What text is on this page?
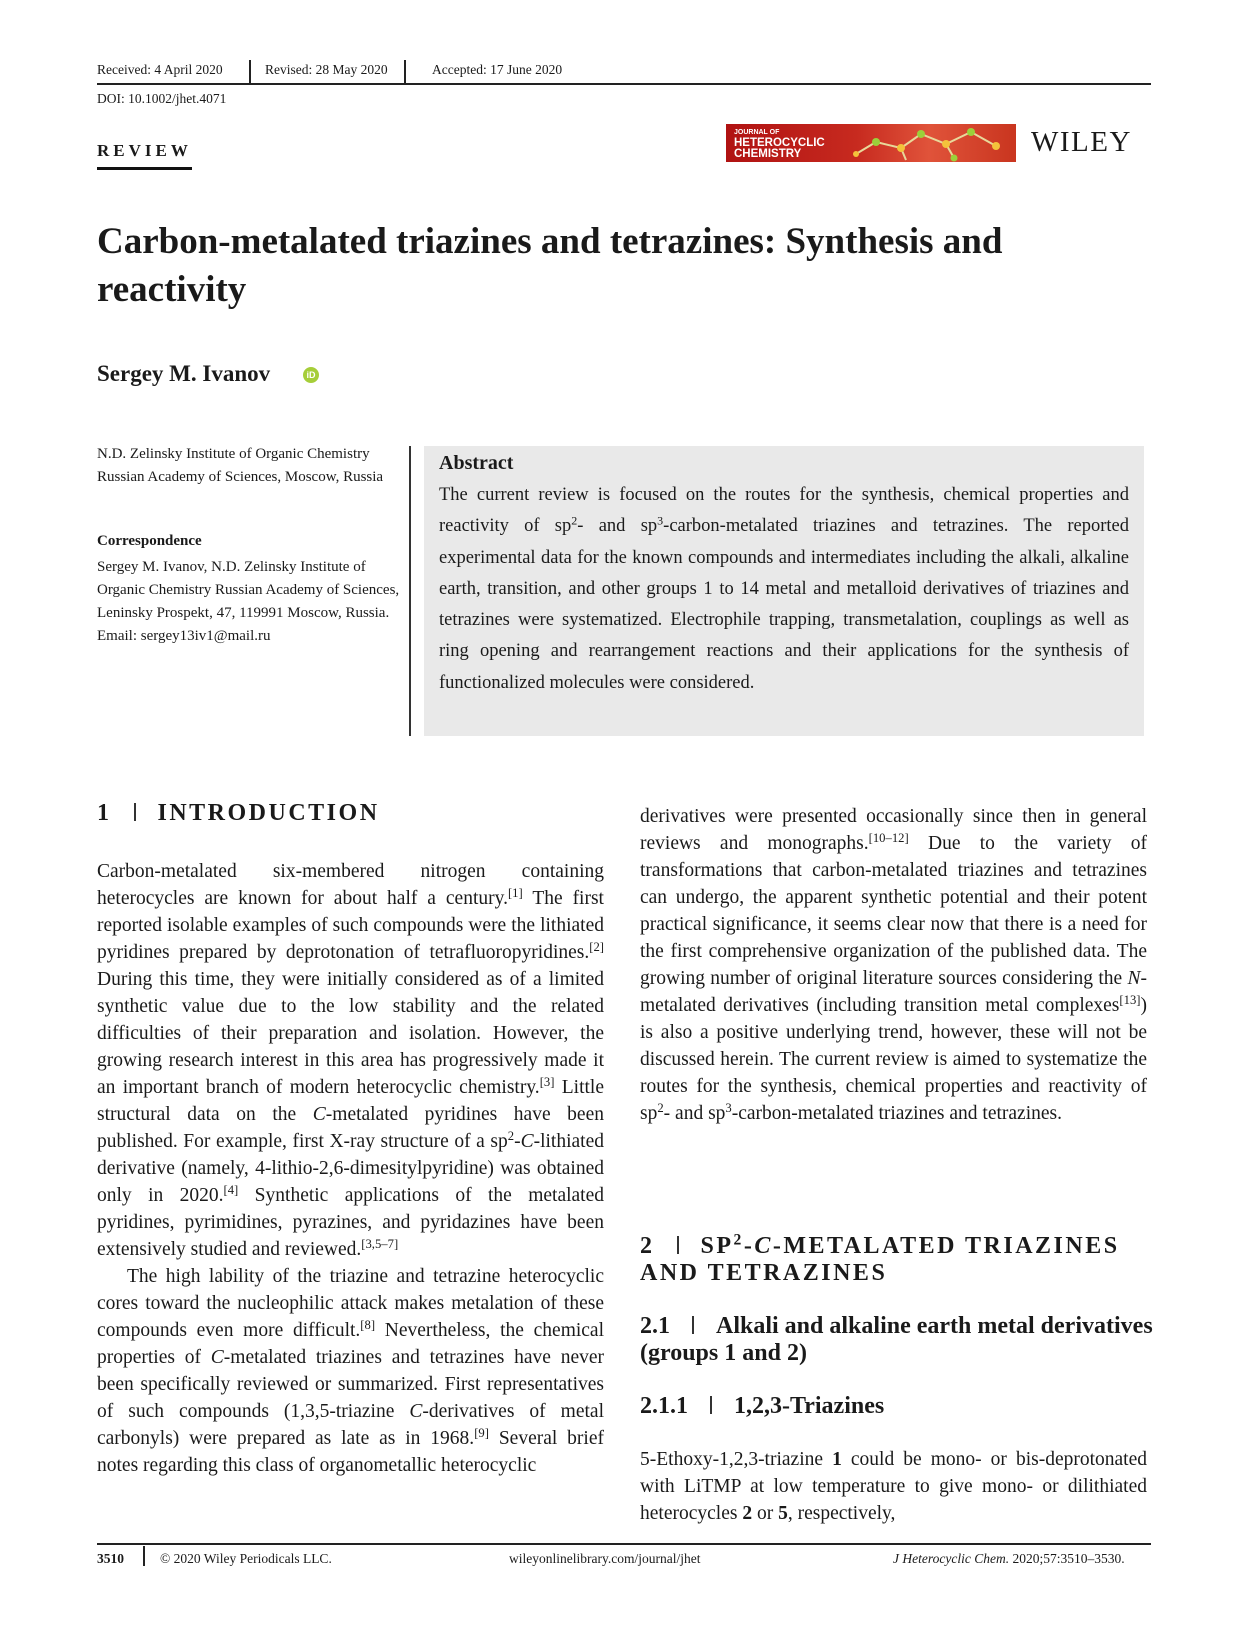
Received: 4 April 2020	Revised: 28 May 2020	Accepted: 17 June 2020
DOI: 10.1002/jhet.4071
REVIEW
JOURNAL OF
HETEROCYCLIC
CHEMISTRY	WILEY
Carbon-metalated triazines and tetrazines: Synthesis and reactivity
Sergey M. Ivanov	iD
N.D. Zelinsky Institute of Organic Chemistry Russian Academy of Sciences, Moscow, Russia
Correspondence
Sergey M. Ivanov, N.D. Zelinsky Institute of Organic Chemistry Russian Academy of Sciences, Leninsky Prospekt, 47, 119991 Moscow, Russia.
Email: sergey13iv1@mail.ru
Abstract
The current review is focused on the routes for the synthesis, chemical properties and reactivity of $sp^2-$ and $sp^3-carbon$-metalated triazines and tetrazines. The reported experimental data for the known compounds and intermediates including the alkali, alkaline earth, transition, and other groups 1 to 14 metal and metalloid derivatives of triazines and tetrazines were systematized. Electrophile trapping, transmetalation, couplings as well as ring opening and rearrangement reactions and their applications for the synthesis of functionalized molecules were considered.
1 INTRODUCTION

Carbon-metalated six-membered nitrogen containing heterocycles are known for about half a century.[1] The first reported isolable examples of such compounds were the lithiated pyridines prepared by deprotonation of tetrafluoropyridines.[2] During this time, they were initially considered as of a limited synthetic value due to the low stability and the related difficulties of their preparation and isolation. However, the growing research interest in this area has progressively made it an important branch of modern heterocyclic chemistry.[3] Little structural data on the C-metalated pyridines have been published. For example, first X-ray structure of a $sp^2-C$-lithiated derivative (namely, 4-lithio-2,6-dimesitylpyridine) was obtained only in 2020.[4] Synthetic applications of the metalated pyridines, pyrimidines, pyrazines, and pyridazines have been extensively studied and reviewed.[3,5–7]

The high lability of the triazine and tetrazine heterocyclic cores toward the nucleophilic attack makes metalation of these compounds even more difficult.[8] Nevertheless, the chemical properties of C-metalated triazines and tetrazines have never been specifically reviewed or summarized. First representatives of such compounds (1,3,5-triazine C-derivatives of metal carbonyls) were prepared as late as in 1968.[9] Several brief notes regarding this class of organometallic heterocyclic

derivatives were presented occasionally since then in general reviews and monographs.[10–12] Due to the variety of transformations that carbon-metalated triazines and tetrazines can undergo, the apparent synthetic potential and their potent practical significance, it seems clear now that there is a need for the first comprehensive organization of the published data. The growing number of original literature sources considering the N-metalated derivatives (including transition metal complexes[13]) is also a positive underlying trend, however, these will not be discussed herein. The current review is aimed to systematize the routes for the synthesis, chemical properties and reactivity of $sp^2-$ and $sp^3-carbon$-metalated triazines and tetrazines.

2 $SP^2-C$-METALATED TRIAZINES AND TETRAZINES
2.1 Alkali and alkaline earth metal derivatives (groups 1 and 2)
2.1.1 1,2,3-Triazines

5-Ethoxy-1,2,3-triazine 1 could be mono- or bis-deprotonated with LiTMP at low temperature to give mono- or dilithiated heterocycles 2 or 5, respectively,

3510	© 2020 Wiley Periodicals LLC.	wileyonlinelibrary.com/journal/jhet	J Heterocyclic Chem. 2020;57:3510–3530.
